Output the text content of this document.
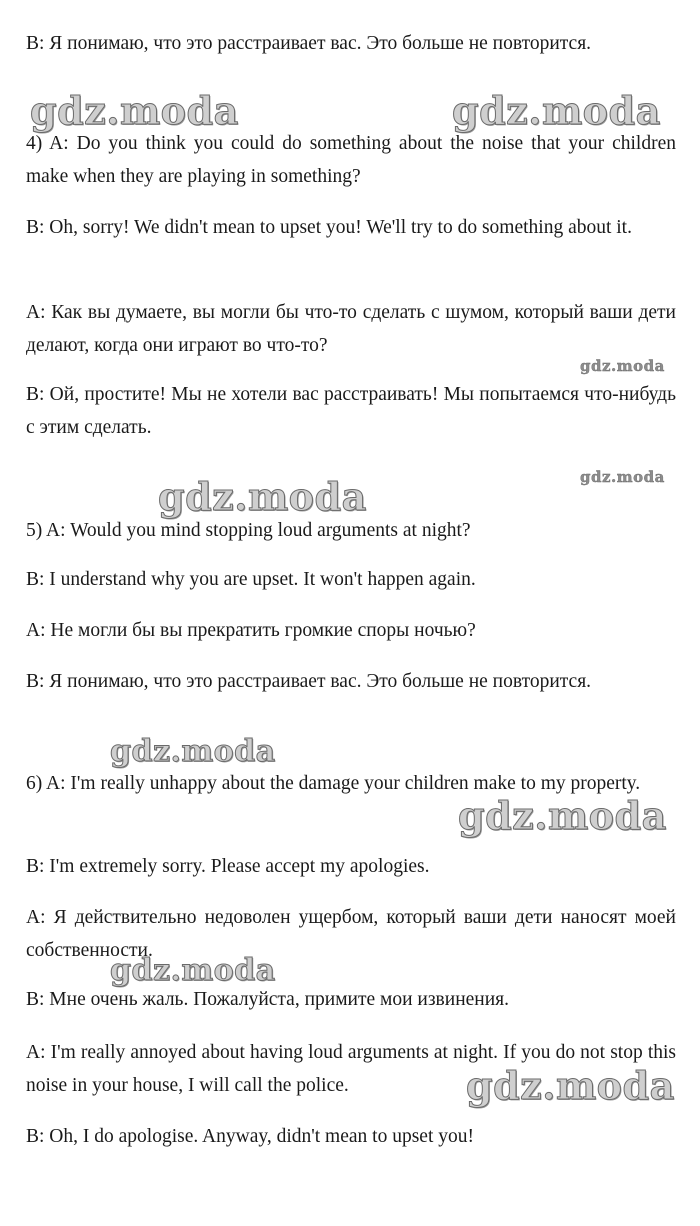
B: Я понимаю, что это расстраивает вас. Это больше не повторится.
4) A: Do you think you could do something about the noise that your children make when they are playing in something?
B: Oh, sorry! We didn't mean to upset you! We'll try to do something about it.
A: Как вы думаете, вы могли бы что-то сделать с шумом, который ваши дети делают, когда они играют во что-то?
B: Ой, простите! Мы не хотели вас расстраивать! Мы попытаемся что-нибудь с этим сделать.
5) A: Would you mind stopping loud arguments at night?
B: I understand why you are upset. It won't happen again.
A: Не могли бы вы прекратить громкие споры ночью?
B: Я понимаю, что это расстраивает вас. Это больше не повторится.
6) A: I'm really unhappy about the damage your children make to my property.
B: I'm extremely sorry. Please accept my apologies.
A: Я действительно недоволен ущербом, который ваши дети наносят моей собственности.
B: Мне очень жаль. Пожалуйста, примите мои извинения.
A: I'm really annoyed about having loud arguments at night. If you do not stop this noise in your house, I will call the police.
B: Oh, I do apologise. Anyway, didn't mean to upset you!
gdz.moda	gdz.moda
gdz.moda
gdz.moda
gdz.moda
gdz.moda
gdz.moda
gdz.moda
gdz.moda
